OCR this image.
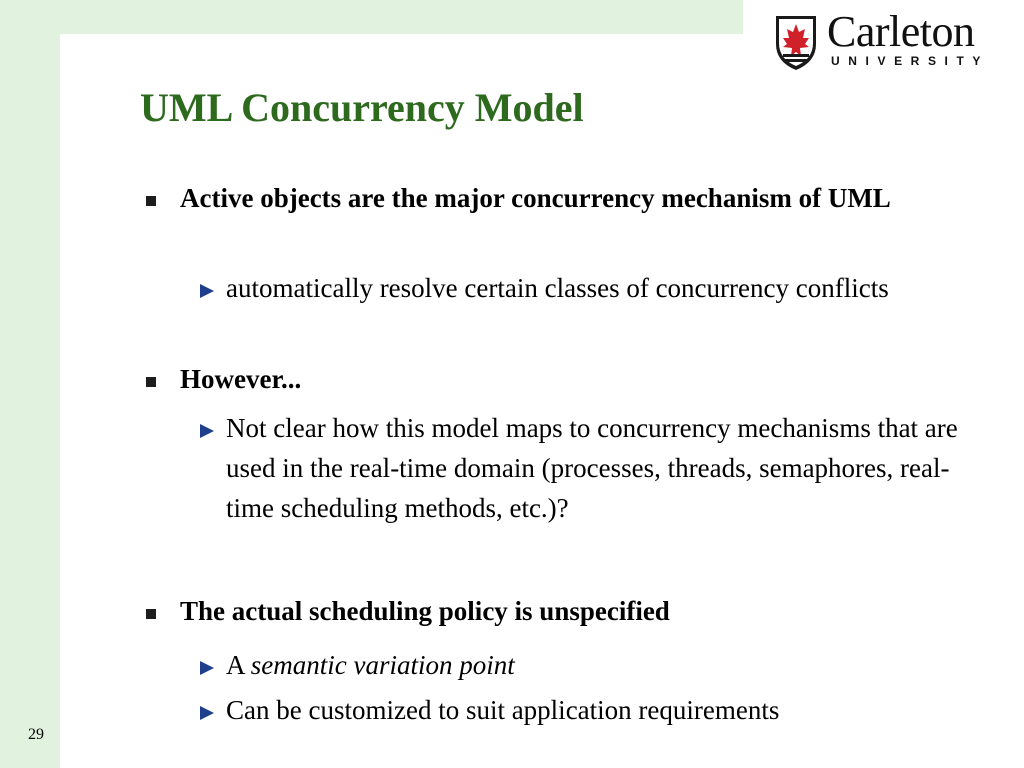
Carleton
UNIVERSITY
UML Concurrency Model
Active objects are the major concurrency mechanism of UML
automatically resolve certain classes of concurrency conflicts
However...
Not clear how this model maps to concurrency mechanisms that are used in the real-time domain (processes, threads, semaphores, real-time scheduling methods, etc.)?
The actual scheduling policy is unspecified
A semantic variation point
Can be customized to suit application requirements
29
